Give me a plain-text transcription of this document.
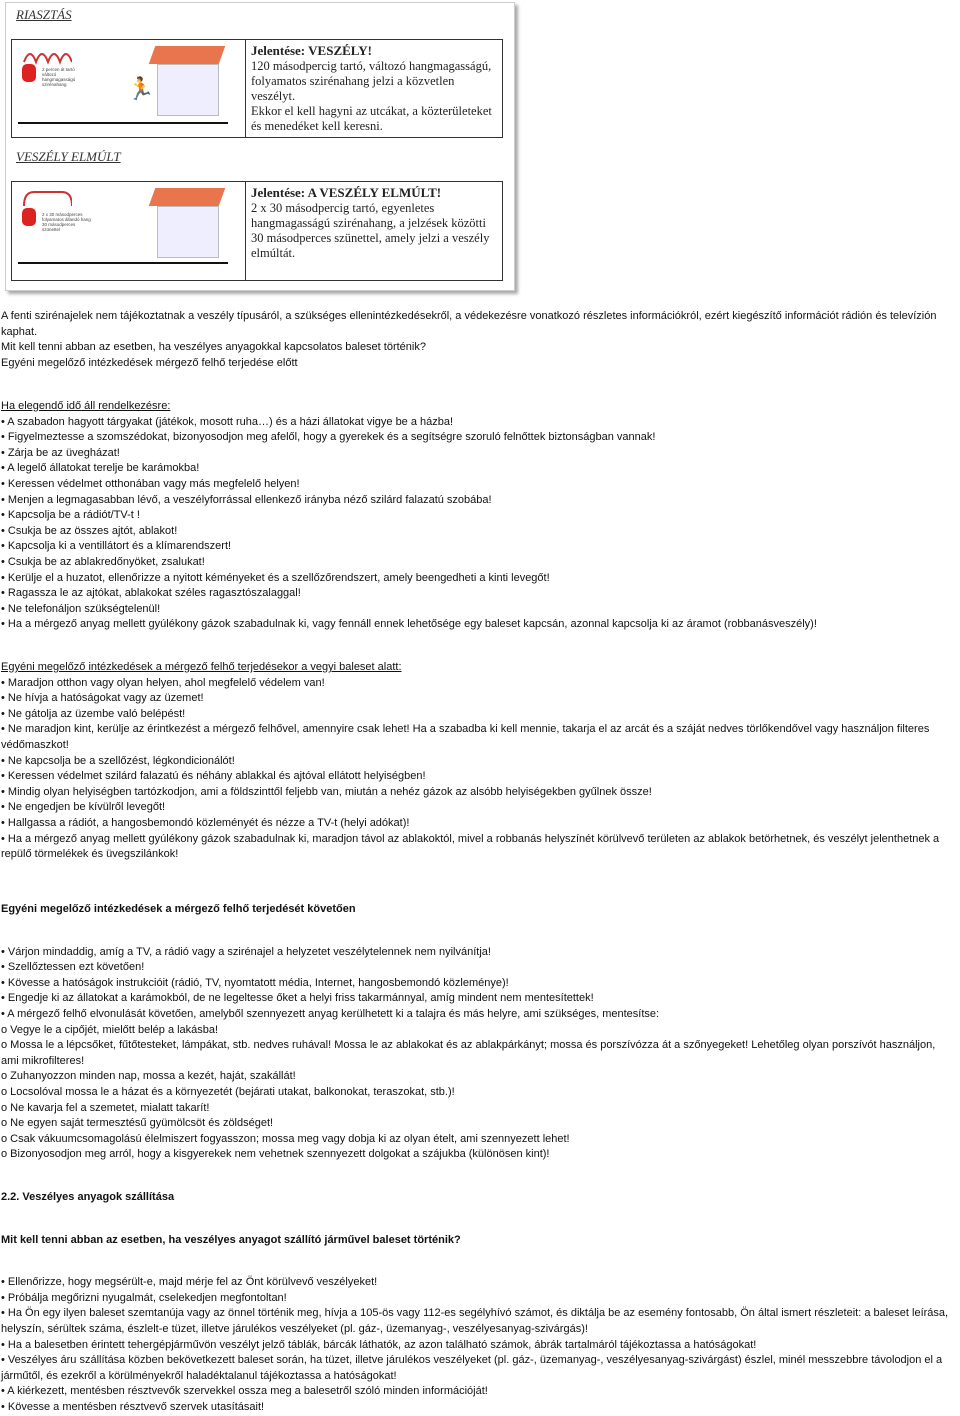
RIASZTÁS
2 percen át tartó változó hangmagasságú szirénahang	🏃
Jelentése: VESZÉLY!
120 másodpercig tartó, változó hangmagasságú, folyamatos szirénahang jelzi a közvetlen veszélyt.
Ekkor el kell hagyni az utcákat, a közterületeket és menedéket kell keresni.
VESZÉLY ELMÚLT
2 x 30 másodperces folyamatos állandó hang 30 másodperces szünettel
Jelentése: A VESZÉLY ELMÚLT!
2 x 30 másodpercig tartó, egyenletes hangmagasságú szirénahang, a jelzések közötti 30 másodperces szünettel, amely jelzi a veszély elmúltát.
A fenti szirénajelek nem tájékoztatnak a veszély típusáról, a szükséges ellenintézkedésekről, a védekezésre vonatkozó részletes információkról, ezért kiegészítő információt rádión és televízión kaphat.
Mit kell tenni abban az esetben, ha veszélyes anyagokkal kapcsolatos baleset történik?
Egyéni megelőző intézkedések mérgező felhő terjedése előtt
Ha elegendő idő áll rendelkezésre:
• A szabadon hagyott tárgyakat (játékok, mosott ruha…) és a házi állatokat vigye be a házba!
• Figyelmeztesse a szomszédokat, bizonyosodjon meg afelől, hogy a gyerekek és a segítségre szoruló felnőttek biztonságban vannak!
• Zárja be az üvegházat!
• A legelő állatokat terelje be karámokba!
• Keressen védelmet otthonában vagy más megfelelő helyen!
• Menjen a legmagasabban lévő, a veszélyforrással ellenkező irányba néző szilárd falazatú szobába!
• Kapcsolja be a rádiót/TV-t !
• Csukja be az összes ajtót, ablakot!
• Kapcsolja ki a ventillátort és a klímarendszert!
• Csukja be az ablakredőnyöket, zsalukat!
• Kerülje el a huzatot, ellenőrizze a nyitott kéményeket és a szellőzőrendszert, amely beengedheti a kinti levegőt!
• Ragassza le az ajtókat, ablakokat széles ragasztószalaggal!
• Ne telefonáljon szükségtelenül!
• Ha a mérgező anyag mellett gyúlékony gázok szabadulnak ki, vagy fennáll ennek lehetősége egy baleset kapcsán, azonnal kapcsolja ki az áramot (robbanásveszély)!
Egyéni megelőző intézkedések a mérgező felhő terjedésekor a vegyi baleset alatt:
• Maradjon otthon vagy olyan helyen, ahol megfelelő védelem van!
• Ne hívja a hatóságokat vagy az üzemet!
• Ne gátolja az üzembe való belépést!
• Ne maradjon kint, kerülje az érintkezést a mérgező felhővel, amennyire csak lehet! Ha a szabadba ki kell mennie, takarja el az arcát és a száját nedves törlőkendővel vagy használjon filteres védőmaszkot!
• Ne kapcsolja be a szellőzést, légkondicionálót!
• Keressen védelmet szilárd falazatú és néhány ablakkal és ajtóval ellátott helyiségben!
• Mindig olyan helyiségben tartózkodjon, ami a földszinttől feljebb van, miután a nehéz gázok az alsóbb helyiségekben gyűlnek össze!
• Ne engedjen be kívülről levegőt!
• Hallgassa a rádiót, a hangosbemondó közleményét és nézze a TV-t (helyi adókat)!
• Ha a mérgező anyag mellett gyúlékony gázok szabadulnak ki, maradjon távol az ablakoktól, mivel a robbanás helyszínét körülvevő területen az ablakok betörhetnek, és veszélyt jelenthetnek a repülő törmelékek és üvegszilánkok!
Egyéni megelőző intézkedések a mérgező felhő terjedését követően
• Várjon mindaddig, amíg a TV, a rádió vagy a szirénajel a helyzetet veszélytelennek nem nyilvánítja!
• Szellőztessen ezt követően!
• Kövesse a hatóságok instrukcióit (rádió, TV, nyomtatott média, Internet, hangosbemondó közleménye)!
• Engedje ki az állatokat a karámokból, de ne legeltesse őket a helyi friss takarmánnyal, amíg mindent nem mentesítettek!
• A mérgező felhő elvonulását követően, amelyből szennyezett anyag kerülhetett ki a talajra és más helyre, ami szükséges, mentesítse:
o Vegye le a cipőjét, mielőtt belép a lakásba!
o Mossa le a lépcsőket, fűtőtesteket, lámpákat, stb. nedves ruhával! Mossa le az ablakokat és az ablakpárkányt; mossa és porszívózza át a szőnyegeket! Lehetőleg olyan porszívót használjon, ami mikrofilteres!
o Zuhanyozzon minden nap, mossa a kezét, haját, szakállát!
o Locsolóval mossa le a házat és a környezetét (bejárati utakat, balkonokat, teraszokat, stb.)!
o Ne kavarja fel a szemetet, mialatt takarít!
o Ne egyen saját termesztésű gyümölcsöt és zöldséget!
o Csak vákuumcsomagolású élelmiszert fogyasszon; mossa meg vagy dobja ki az olyan ételt, ami szennyezett lehet!
o Bizonyosodjon meg arról, hogy a kisgyerekek nem vehetnek szennyezett dolgokat a szájukba (különösen kint)!
2.2. Veszélyes anyagok szállítása
Mit kell tenni abban az esetben, ha veszélyes anyagot szállító járművel baleset történik?
• Ellenőrizze, hogy megsérült-e, majd mérje fel az Önt körülvevő veszélyeket!
• Próbálja megőrizni nyugalmát, cselekedjen megfontoltan!
• Ha Ön egy ilyen baleset szemtanúja vagy az önnel történik meg, hívja a 105-ös vagy 112-es segélyhívó számot, és diktálja be az esemény fontosabb, Ön által ismert részleteit: a baleset leírása, helyszín, sérültek száma, észlelt-e tüzet, illetve járulékos veszélyeket (pl. gáz-, üzemanyag-, veszélyesanyag-szivárgás)!
• Ha a balesetben érintett tehergépjárművön veszélyt jelző táblák, bárcák láthatók, az azon található számok, ábrák tartalmáról tájékoztassa a hatóságokat!
• Veszélyes áru szállítása közben bekövetkezett baleset során, ha tüzet, illetve járulékos veszélyeket (pl. gáz-, üzemanyag-, veszélyesanyag-szivárgást) észlel, minél messzebbre távolodjon el a járműtől, és ezekről a körülményekről haladéktalanul tájékoztassa a hatóságokat!
• A kiérkezett, mentésben résztvevők szervekkel ossza meg a balesetről szóló minden információját!
• Kövesse a mentésben résztvevő szervek utasításait!
